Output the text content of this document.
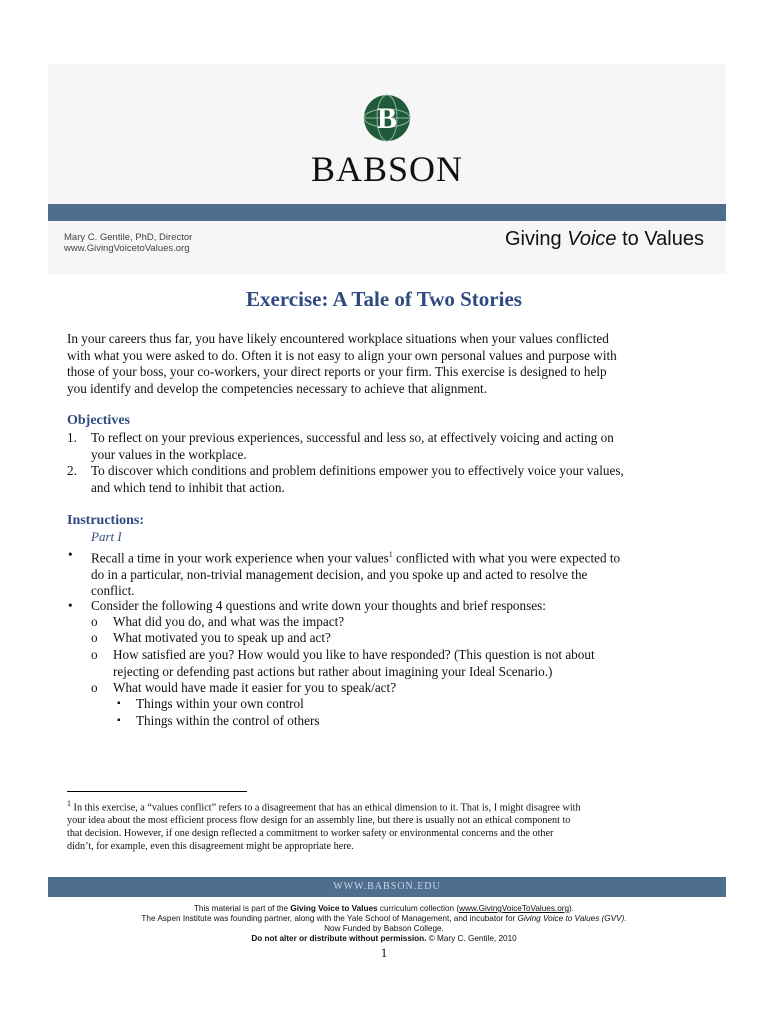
B
BABSON
Mary C. Gentile, PhD, Director
www.GivingVoicetoValues.org	Giving Voice to Values
Exercise: A Tale of Two Stories

In your careers thus far, you have likely encountered workplace situations when your values conflicted

with what you were asked to do. Often it is not easy to align your own personal values and purpose with

those of your boss, your co-workers, your direct reports or your firm. This exercise is designed to help

you identify and develop the competencies necessary to achieve that alignment.

Objectives
1. To reflect on your previous experiences, successful and less so, at effectively voicing and acting on
your values in the workplace.
2. To discover which conditions and problem definitions empower you to effectively voice your values,
and which tend to inhibit that action.
Instructions:
Part I
• Recall a time in your work experience when your values$^1$ conflicted with what you were expected to
do in a particular, non-trivial management decision, and you spoke up and acted to resolve the
conflict.
• Consider the following 4 questions and write down your thoughts and brief responses:
o What did you do, and what was the impact?
o What motivated you to speak up and act?
o How satisfied are you? How would you like to have responded? (This question is not about
rejecting or defending past actions but rather about imagining your Ideal Scenario.)
o What would have made it easier for you to speak/act?
▪ Things within your own control
▪ Things within the control of others
$^1$ In this exercise, a “values conflict” refers to a disagreement that has an ethical dimension to it. That is, I might disagree with
your idea about the most efficient process flow design for an assembly line, but there is usually not an ethical component to
that decision. However, if one design reflected a commitment to worker safety or environmental concerns and the other
didn’t, for example, even this disagreement might be appropriate here.
WWW.BABSON.EDU
This material is part of the Giving Voice to Values curriculum collection (www.GivingVoiceToValues.org).
The Aspen Institute was founding partner, along with the Yale School of Management, and incubator for Giving Voice to Values (GVV).
Now Funded by Babson College.
Do not alter or distribute without permission. © Mary C. Gentile, 2010
1
